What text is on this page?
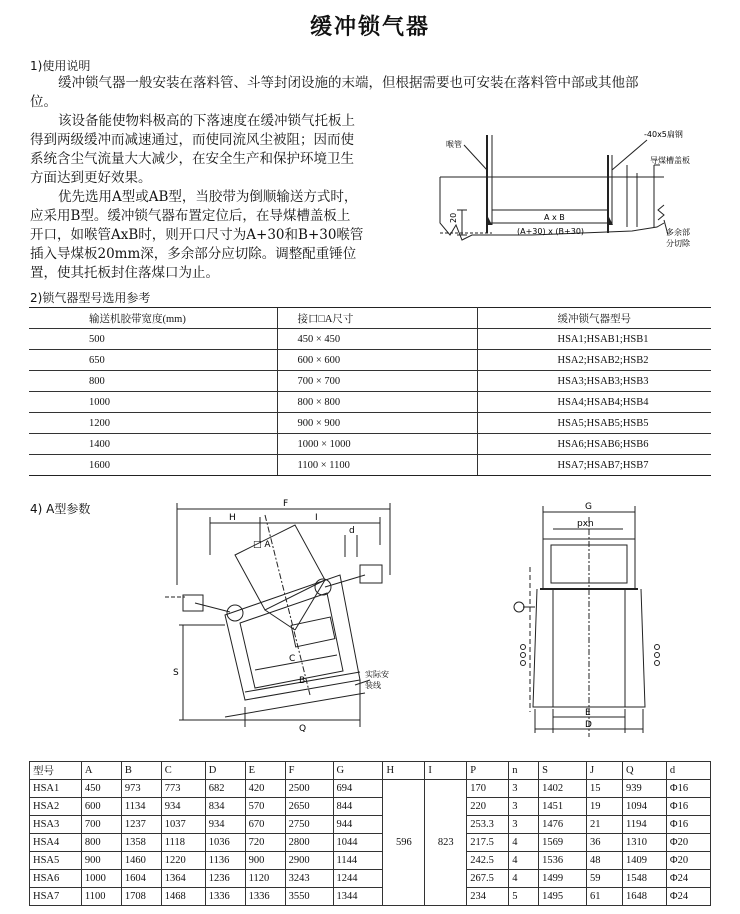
缓冲锁气器
1)使用说明
缓冲锁气器一般安装在落料管、斗等封闭设施的末端，但根据需要也可安装在落料管中部或其他部
位。
该设备能使物料极高的下落速度在缓冲锁气托板上
得到两级缓冲而减速通过，而使同流风尘被阻；因而使
系统含尘气流量大大减少，在安全生产和保护环境卫生
方面达到更好效果。
优先选用A型或AB型，当胶带为倒顺输送方式时，
应采用B型。缓冲锁气器布置定位后，在导煤槽盖板上
开口，如喉管AxB时，则开口尺寸为A+30和B+30喉管
插入导煤板20mm深，多余部分应切除。调整配重锤位
置，使其托板封住落煤口为止。
喉管
-40x5扁钢
导煤槽盖板
A x B
(A+30) x (B+30)	多余部
分切除
20
2)锁气器型号选用参考
输送机胶带宽度(mm)	接口□A尺寸	缓冲锁气器型号
500	450 × 450	HSA1;HSAB1;HSB1
650	600 × 600	HSA2;HSAB2;HSB2
800	700 × 700	HSA3;HSAB3;HSB3
1000	800 × 800	HSA4;HSAB4;HSB4
1200	900 × 900	HSA5;HSAB5;HSB5
1400	1000 × 1000	HSA6;HSAB6;HSB6
1600	1100 × 1100	HSA7;HSAB7;HSB7
4) A型参数	F
H	I
□ A
d
S
C
B
实际安
装线
Q
G
pxn
E
D
型号	A	B	C	D	E	F	G	H	I	P	n	S	J	Q	d
HSA1	450	973	773	682	420	2500	694	596	823	170	3	1402	15	939	Φ16
HSA2	600	1134	934	834	570	2650	844			220	3	1451	19	1094	Φ16
HSA3	700	1237	1037	934	670	2750	944			253.3	3	1476	21	1194	Φ16
HSA4	800	1358	1118	1036	720	2800	1044			217.5	4	1569	36	1310	Φ20
HSA5	900	1460	1220	1136	900	2900	1144			242.5	4	1536	48	1409	Φ20
HSA6	1000	1604	1364	1236	1120	3243	1244			267.5	4	1499	59	1548	Φ24
HSA7	1100	1708	1468	1336	1336	3550	1344			234	5	1495	61	1648	Φ24
